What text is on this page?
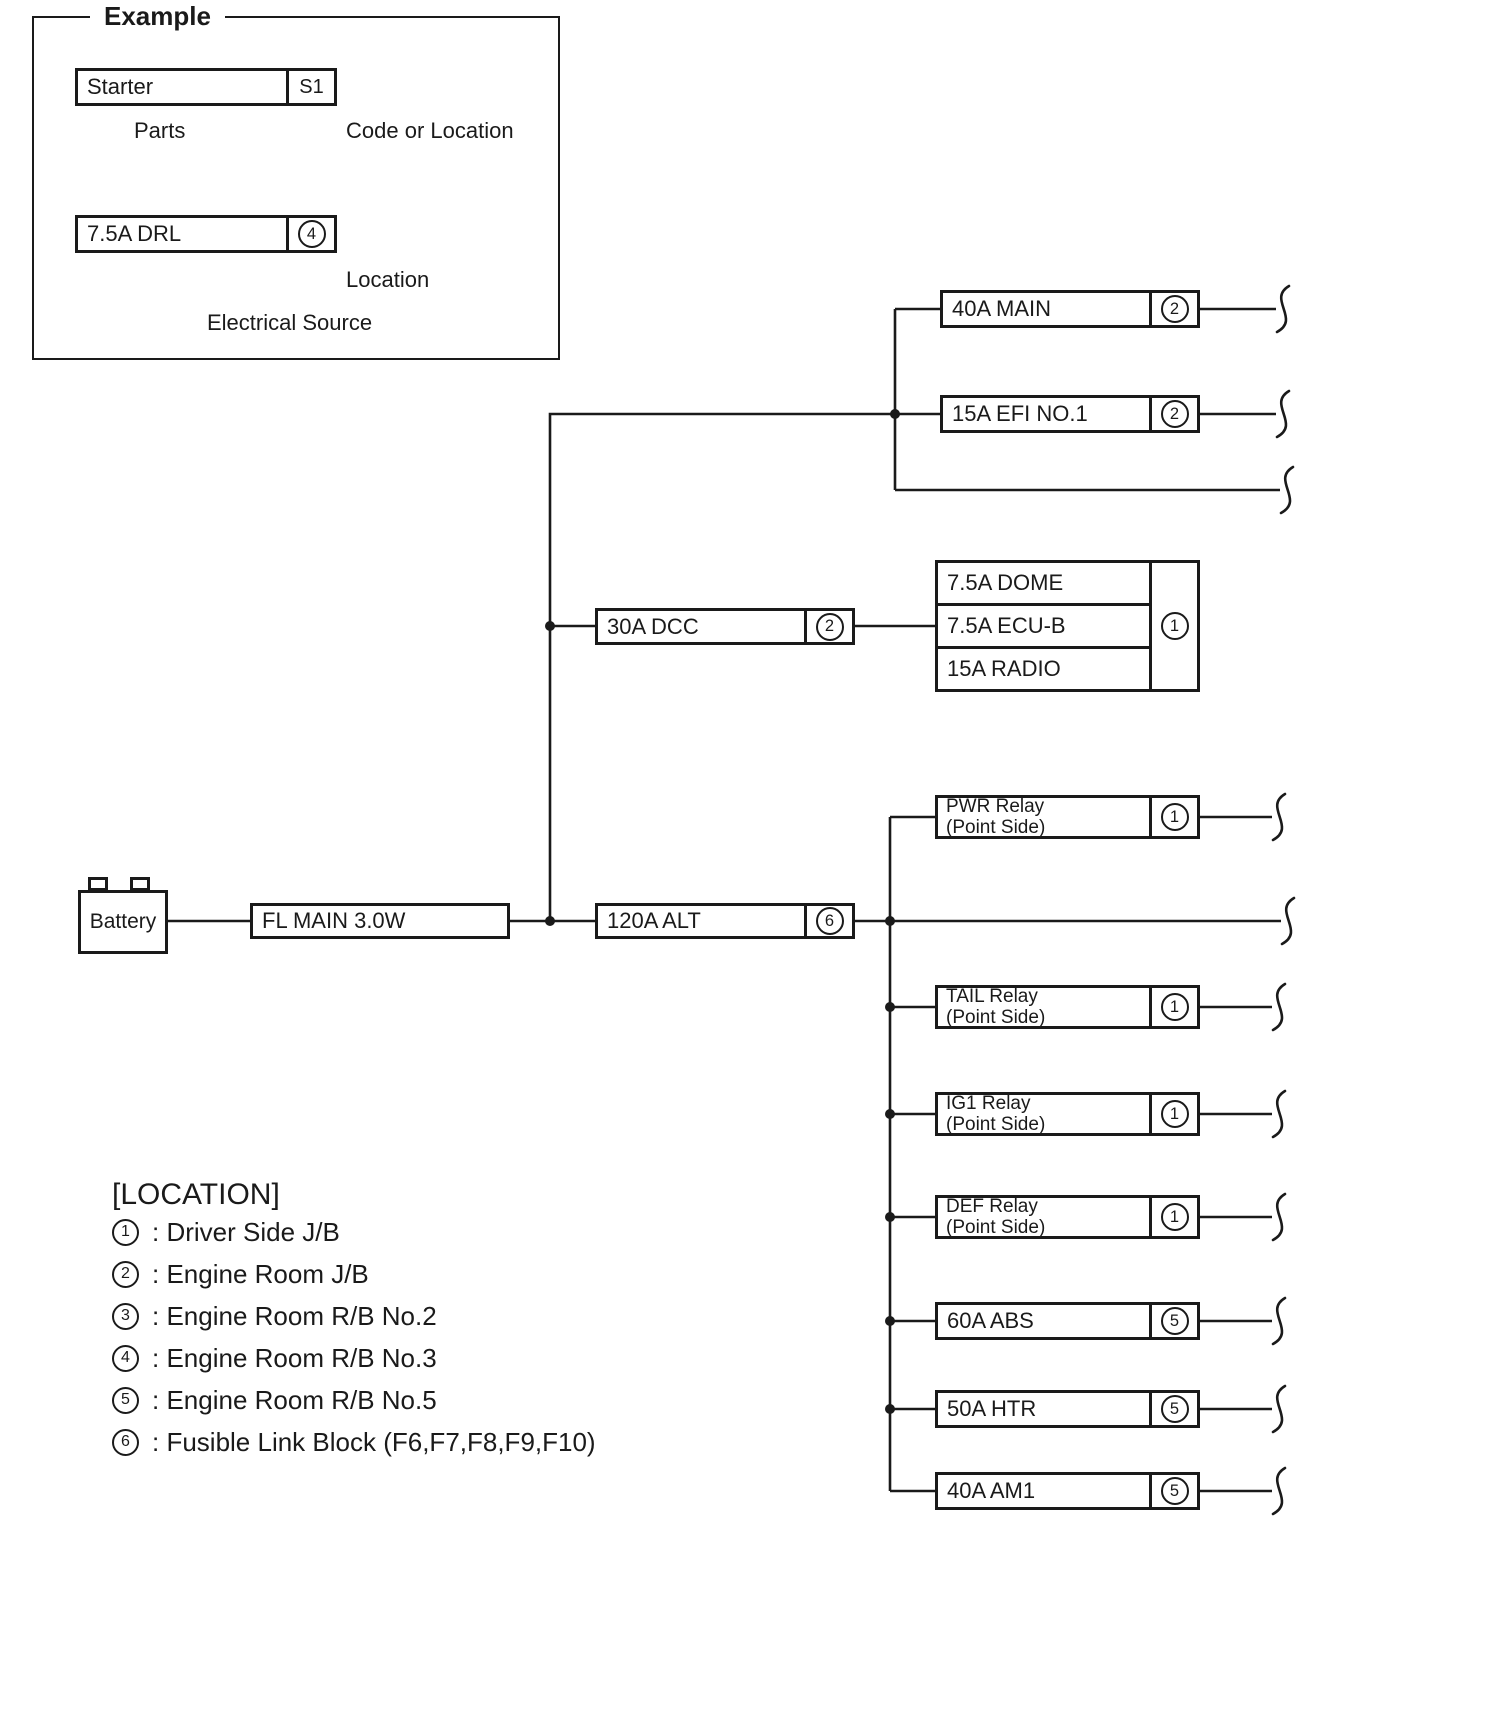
Example
Starter	S1
Parts	Code or Location
7.5A DRL	4
Location
Electrical Source
Battery	FL MAIN 3.0W
40A MAIN	2
15A EFI NO.1	2
30A DCC	2
7.5A DOME
7.5A ECU-B
15A RADIO
1
120A ALT	6
PWR Relay
(Point Side)
1
TAIL Relay
(Point Side)
1
IG1 Relay
(Point Side)
1
DEF Relay
(Point Side)
1
60A ABS	5
50A HTR	5
40A AM1	5
[LOCATION]
1 : Driver Side J/B
2 : Engine Room J/B
3 : Engine Room R/B No.2
4 : Engine Room R/B No.3
5 : Engine Room R/B No.5
6 : Fusible Link Block (F6,F7,F8,F9,F10)
